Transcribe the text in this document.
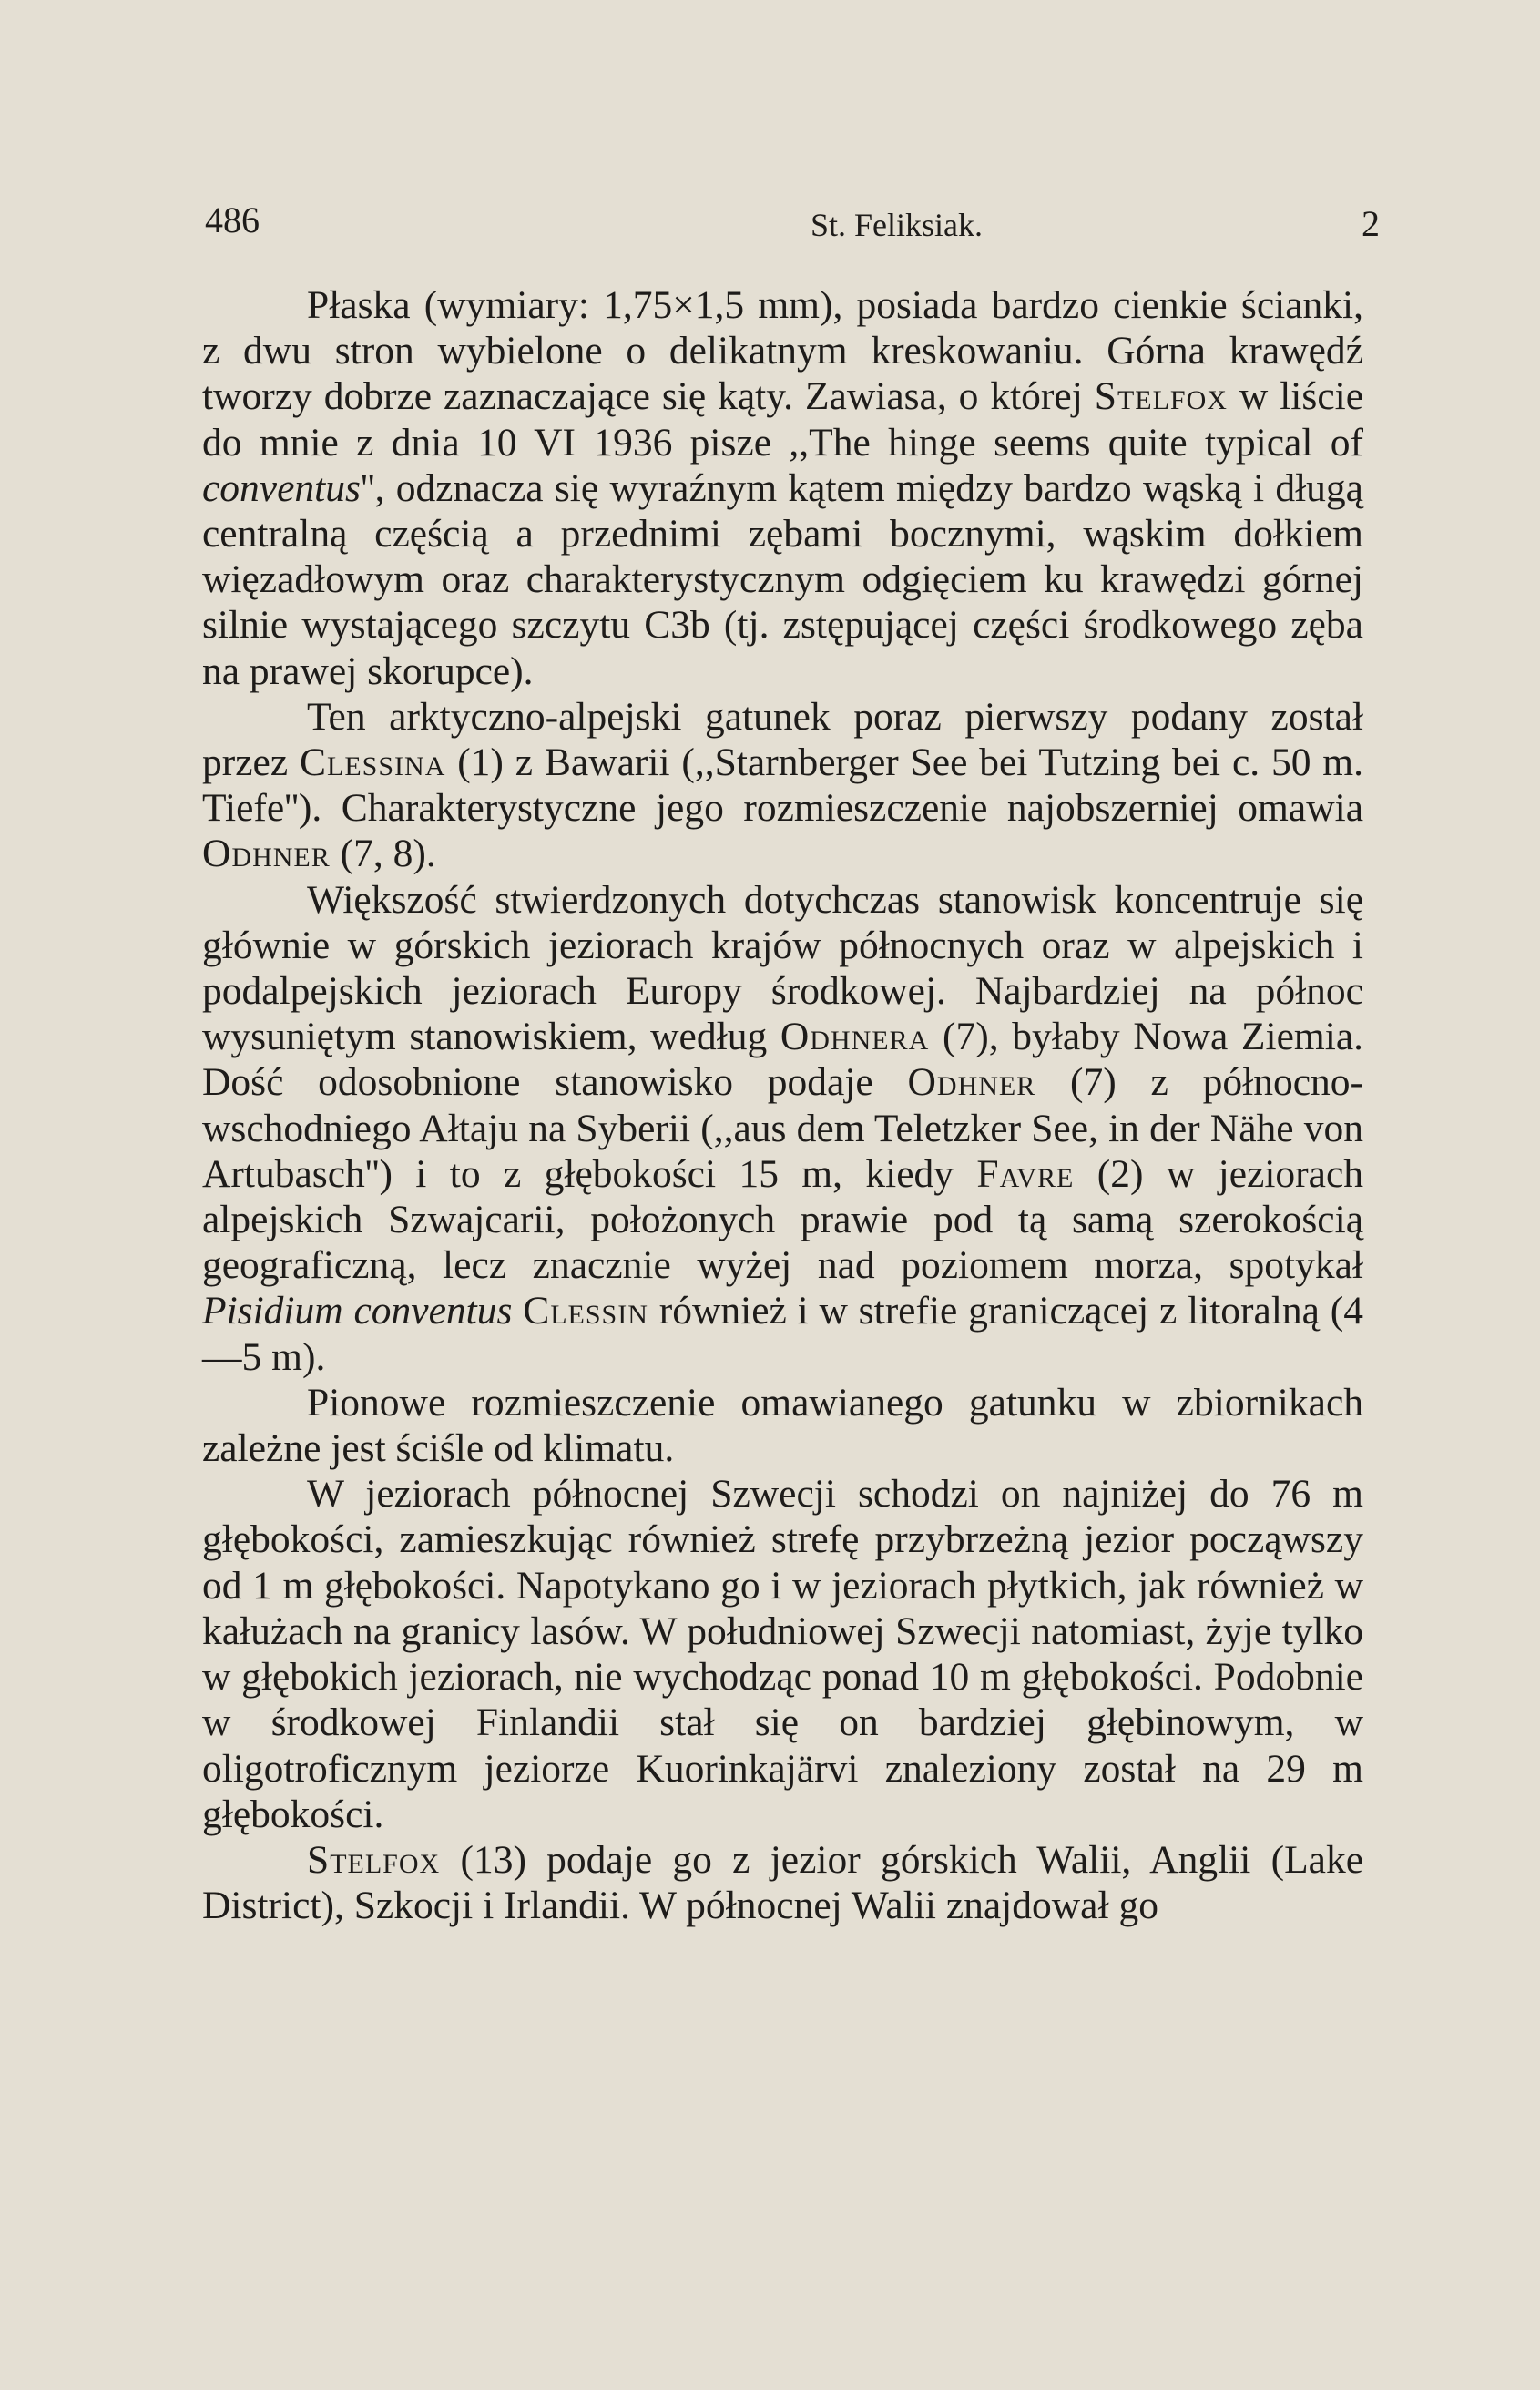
486	St. Feliksiak.	2

Płaska (wymiary: 1,75×1,5 mm), posiada bardzo cienkie ścianki, z dwu stron wybielone o delikatnym kreskowaniu. Górna krawędź tworzy dobrze zaznaczające się kąty. Zawiasa, o której Stelfox w liście do mnie z dnia 10 VI 1936 pisze ,,The hinge seems quite typical of conventus'', odznacza się wyraźnym kątem między bardzo wąską i długą centralną częścią a przednimi zębami bocznymi, wąskim dołkiem więzadłowym oraz charakterystycznym odgięciem ku krawędzi górnej silnie wystającego szczytu C3b (tj. zstępującej części środkowego zęba na prawej skorupce).

Ten arktyczno-alpejski gatunek poraz pierwszy podany został przez Clessina (1) z Bawarii (,,Starnberger See bei Tutzing bei c. 50 m. Tiefe''). Charakterystyczne jego rozmieszczenie najobszerniej omawia Odhner (7, 8).

Większość stwierdzonych dotychczas stanowisk koncentruje się głównie w górskich jeziorach krajów północnych oraz w alpejskich i podalpejskich jeziorach Europy środkowej. Najbardziej na północ wysuniętym stanowiskiem, według Odhnera (7), byłaby Nowa Ziemia. Dość odosobnione stanowisko podaje Odhner (7) z północno-wschodniego Ałtaju na Syberii (,,aus dem Teletzker See, in der Nähe von Artubasch'') i to z głębokości 15 m, kiedy Favre (2) w jeziorach alpejskich Szwajcarii, położonych prawie pod tą samą szerokością geograficzną, lecz znacznie wyżej nad poziomem morza, spotykał Pisidium conventus Clessin również i w strefie graniczącej z litoralną (4—5 m).

Pionowe rozmieszczenie omawianego gatunku w zbiornikach zależne jest ściśle od klimatu.

W jeziorach północnej Szwecji schodzi on najniżej do 76 m głębokości, zamieszkując również strefę przybrzeżną jezior począwszy od 1 m głębokości. Napotykano go i w jeziorach płytkich, jak również w kałużach na granicy lasów. W południowej Szwecji natomiast, żyje tylko w głębokich jeziorach, nie wychodząc ponad 10 m głębokości. Podobnie w środkowej Finlandii stał się on bardziej głębinowym, w oligotroficznym jeziorze Kuorinkajärvi znaleziony został na 29 m głębokości.

Stelfox (13) podaje go z jezior górskich Walii, Anglii (Lake District), Szkocji i Irlandii. W północnej Walii znajdował go
